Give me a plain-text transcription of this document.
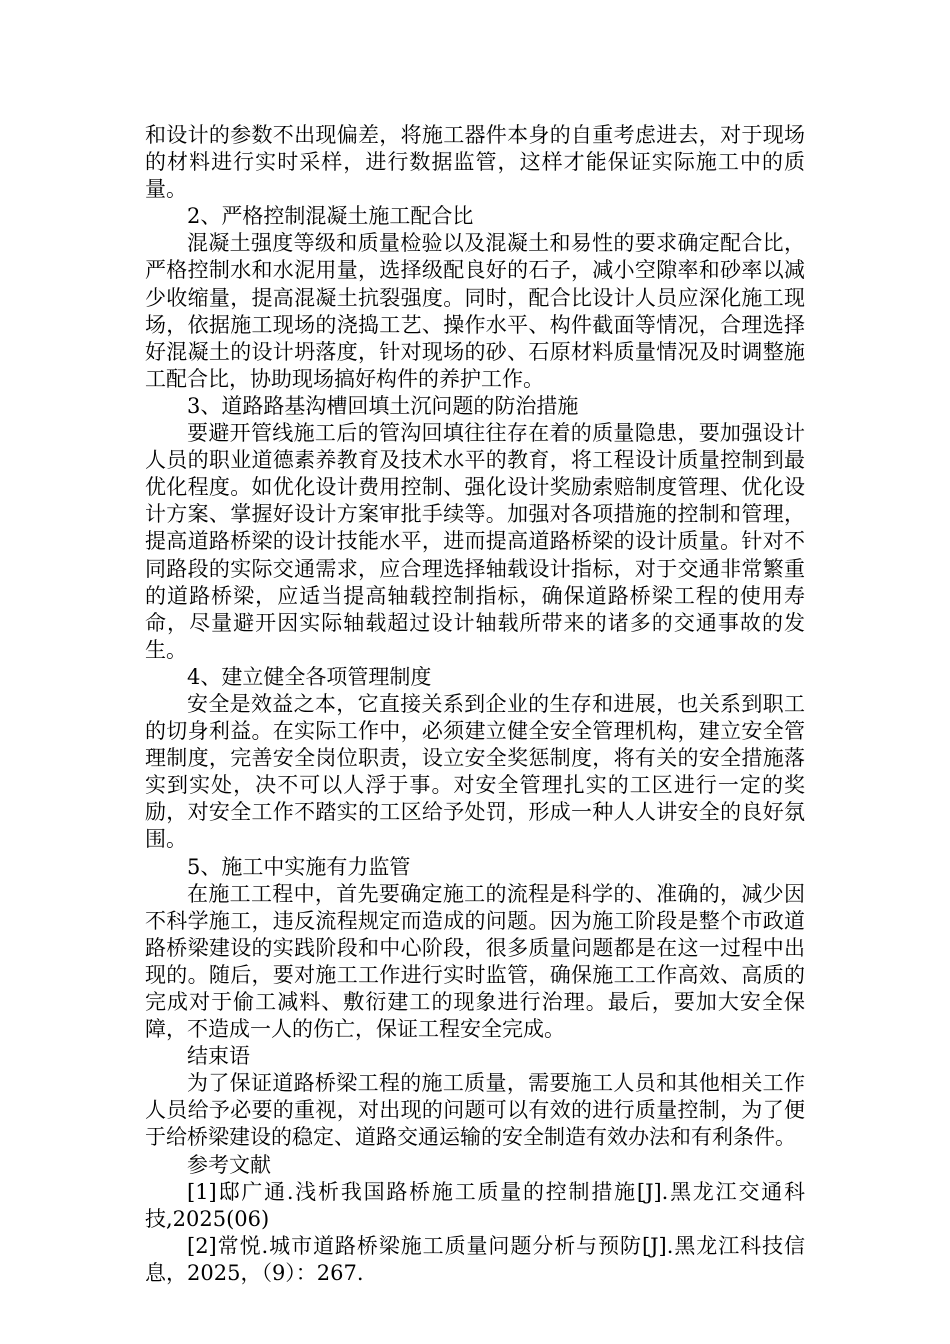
和设计的参数不出现偏差，将施工器件本身的自重考虑进去，对于现场的材料进行实时采样，进行数据监管，这样才能保证实际施工中的质量。

2、严格控制混凝土施工配合比

混凝土强度等级和质量检验以及混凝土和易性的要求确定配合比，严格控制水和水泥用量，选择级配良好的石子，减小空隙率和砂率以减少收缩量，提高混凝土抗裂强度。同时，配合比设计人员应深化施工现场，依据施工现场的浇捣工艺、操作水平、构件截面等情况，合理选择好混凝土的设计坍落度，针对现场的砂、石原材料质量情况及时调整施工配合比，协助现场搞好构件的养护工作。

3、道路路基沟槽回填土沉问题的防治措施

要避开管线施工后的管沟回填往往存在着的质量隐患，要加强设计人员的职业道德素养教育及技术水平的教育，将工程设计质量控制到最优化程度。如优化设计费用控制、强化设计奖励索赔制度管理、优化设计方案、掌握好设计方案审批手续等。加强对各项措施的控制和管理，提高道路桥梁的设计技能水平，进而提高道路桥梁的设计质量。针对不同路段的实际交通需求，应合理选择轴载设计指标，对于交通非常繁重的道路桥梁，应适当提高轴载控制指标，确保道路桥梁工程的使用寿命，尽量避开因实际轴载超过设计轴载所带来的诸多的交通事故的发生。

4、建立健全各项管理制度

安全是效益之本，它直接关系到企业的生存和进展，也关系到职工的切身利益。在实际工作中，必须建立健全安全管理机构，建立安全管理制度，完善安全岗位职责，设立安全奖惩制度，将有关的安全措施落实到实处，决不可以人浮于事。对安全管理扎实的工区进行一定的奖励，对安全工作不踏实的工区给予处罚，形成一种人人讲安全的良好氛围。

5、施工中实施有力监管

在施工工程中，首先要确定施工的流程是科学的、准确的，减少因不科学施工，违反流程规定而造成的问题。因为施工阶段是整个市政道路桥梁建设的实践阶段和中心阶段，很多质量问题都是在这一过程中出现的。随后，要对施工工作进行实时监管，确保施工工作高效、高质的完成对于偷工减料、敷衍建工的现象进行治理。最后，要加大安全保障，不造成一人的伤亡，保证工程安全完成。

结束语

为了保证道路桥梁工程的施工质量，需要施工人员和其他相关工作人员给予必要的重视，对出现的问题可以有效的进行质量控制，为了便于给桥梁建设的稳定、道路交通运输的安全制造有效办法和有利条件。

参考文献

[1]邸广通.浅析我国路桥施工质量的控制措施[J].黑龙江交通科技,2025(06)

[2]常悦.城市道路桥梁施工质量问题分析与预防[J].黑龙江科技信息，2025，（9）：267.
